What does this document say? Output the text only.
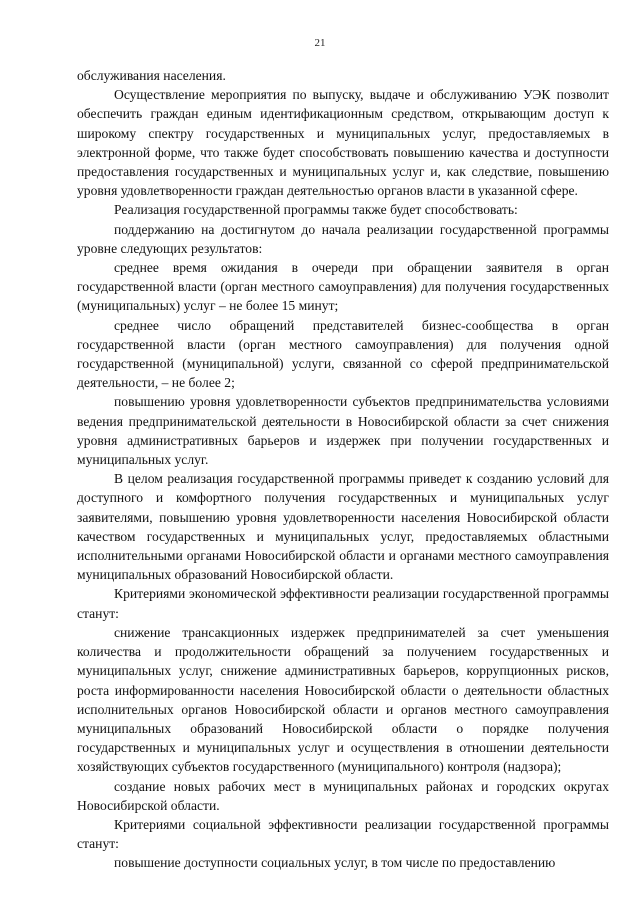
21

обслуживания населения.

Осуществление мероприятия по выпуску, выдаче и обслуживанию УЭК позволит обеспечить граждан единым идентификационным средством, открывающим доступ к широкому спектру государственных и муниципальных услуг, предоставляемых в электронной форме, что также будет способствовать повышению качества и доступности предоставления государственных и муниципальных услуг и, как следствие, повышению уровня удовлетворенности граждан деятельностью органов власти в указанной сфере.

Реализация государственной программы также будет способствовать:

поддержанию на достигнутом до начала реализации государственной программы уровне следующих результатов:

среднее время ожидания в очереди при обращении заявителя в орган государственной власти (орган местного самоуправления) для получения государственных (муниципальных) услуг – не более 15 минут;

среднее число обращений представителей бизнес-сообщества в орган государственной власти (орган местного самоуправления) для получения одной государственной (муниципальной) услуги, связанной со сферой предпринимательской деятельности, – не более 2;

повышению уровня удовлетворенности субъектов предпринимательства условиями ведения предпринимательской деятельности в Новосибирской области за счет снижения уровня административных барьеров и издержек при получении государственных и муниципальных услуг.

В целом реализация государственной программы приведет к созданию условий для доступного и комфортного получения государственных и муниципальных услуг заявителями, повышению уровня удовлетворенности населения Новосибирской области качеством государственных и муниципальных услуг, предоставляемых областными исполнительными органами Новосибирской области и органами местного самоуправления муниципальных образований Новосибирской области.

Критериями экономической эффективности реализации государственной программы станут:

снижение трансакционных издержек предпринимателей за счет уменьшения количества и продолжительности обращений за получением государственных и муниципальных услуг, снижение административных барьеров, коррупционных рисков, роста информированности населения Новосибирской области о деятельности областных исполнительных органов Новосибирской области и органов местного самоуправления муниципальных образований Новосибирской области о порядке получения государственных и муниципальных услуг и осуществления в отношении деятельности хозяйствующих субъектов государственного (муниципального) контроля (надзора);

создание новых рабочих мест в муниципальных районах и городских округах Новосибирской области.

Критериями социальной эффективности реализации государственной программы станут:

повышение доступности социальных услуг, в том числе по предоставлению
